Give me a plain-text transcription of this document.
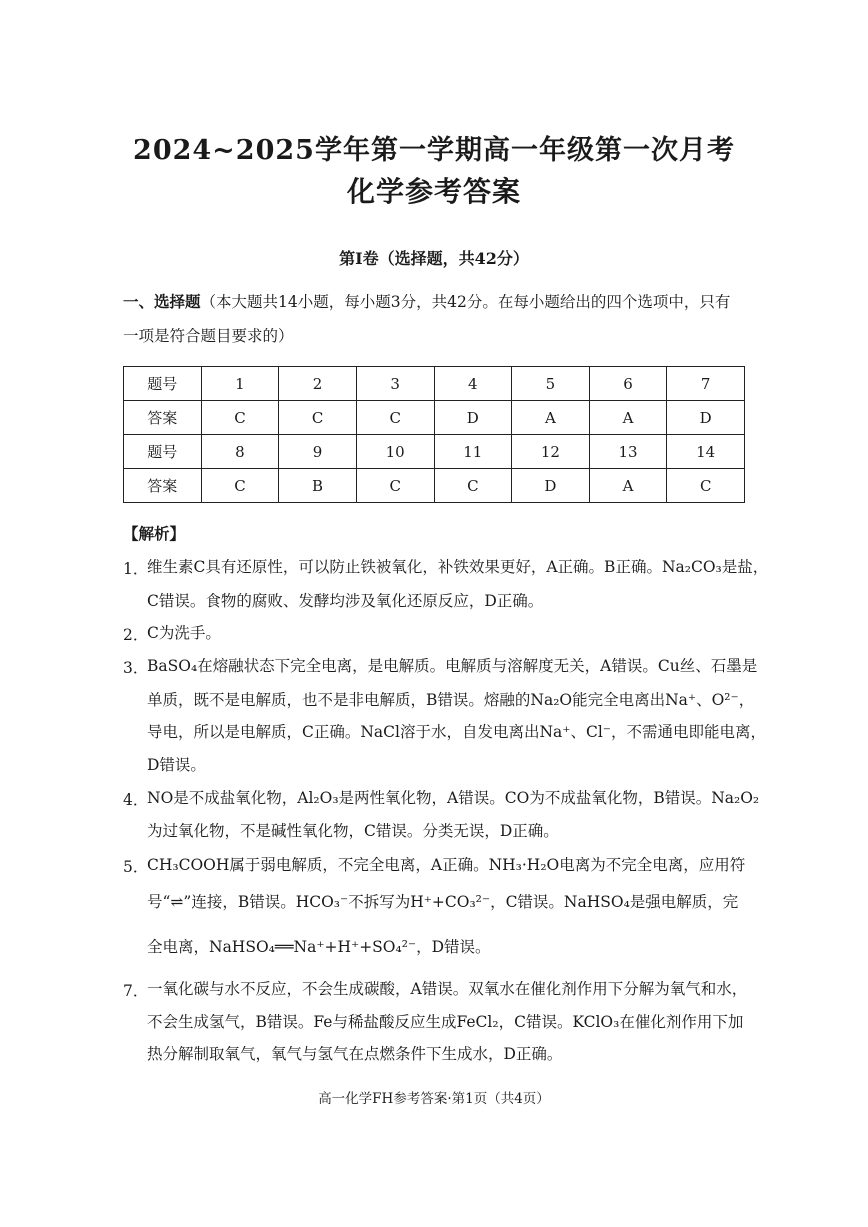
2024~2025学年第一学期高一年级第一次月考
化学参考答案
第Ⅰ卷（选择题，共42分）
一、选择题（本大题共14小题，每小题3分，共42分。在每小题给出的四个选项中，只有
一项是符合题目要求的）
题号	1	2	3	4	5	6	7
答案	C	C	C	D	A	A	D
题号	8	9	10	11	12	13	14
答案	C	B	C	C	D	A	C
【解析】
1．
维生素C具有还原性，可以防止铁被氧化，补铁效果更好，A正确。B正确。Na₂CO₃是盐，
C错误。食物的腐败、发酵均涉及氧化还原反应，D正确。
2．
C为洗手。
3．
BaSO₄在熔融状态下完全电离，是电解质。电解质与溶解度无关，A错误。Cu丝、石墨是
单质，既不是电解质，也不是非电解质，B错误。熔融的Na₂O能完全电离出Na⁺、O²⁻，
导电，所以是电解质，C正确。NaCl溶于水，自发电离出Na⁺、Cl⁻，不需通电即能电离，
D错误。
4．
NO是不成盐氧化物，Al₂O₃是两性氧化物，A错误。CO为不成盐氧化物，B错误。Na₂O₂
为过氧化物，不是碱性氧化物，C错误。分类无误，D正确。
5．
CH₃COOH属于弱电解质，不完全电离，A正确。NH₃·H₂O电离为不完全电离，应用符
号“⇌”连接，B错误。HCO₃⁻不拆写为H⁺+CO₃²⁻，C错误。NaHSO₄是强电解质，完
全电离，NaHSO₄══Na⁺+H⁺+SO₄²⁻，D错误。
7．
一氧化碳与水不反应，不会生成碳酸，A错误。双氧水在催化剂作用下分解为氧气和水，
不会生成氢气，B错误。Fe与稀盐酸反应生成FeCl₂，C错误。KClO₃在催化剂作用下加
热分解制取氧气，氧气与氢气在点燃条件下生成水，D正确。
高一化学FH参考答案·第1页（共4页）
